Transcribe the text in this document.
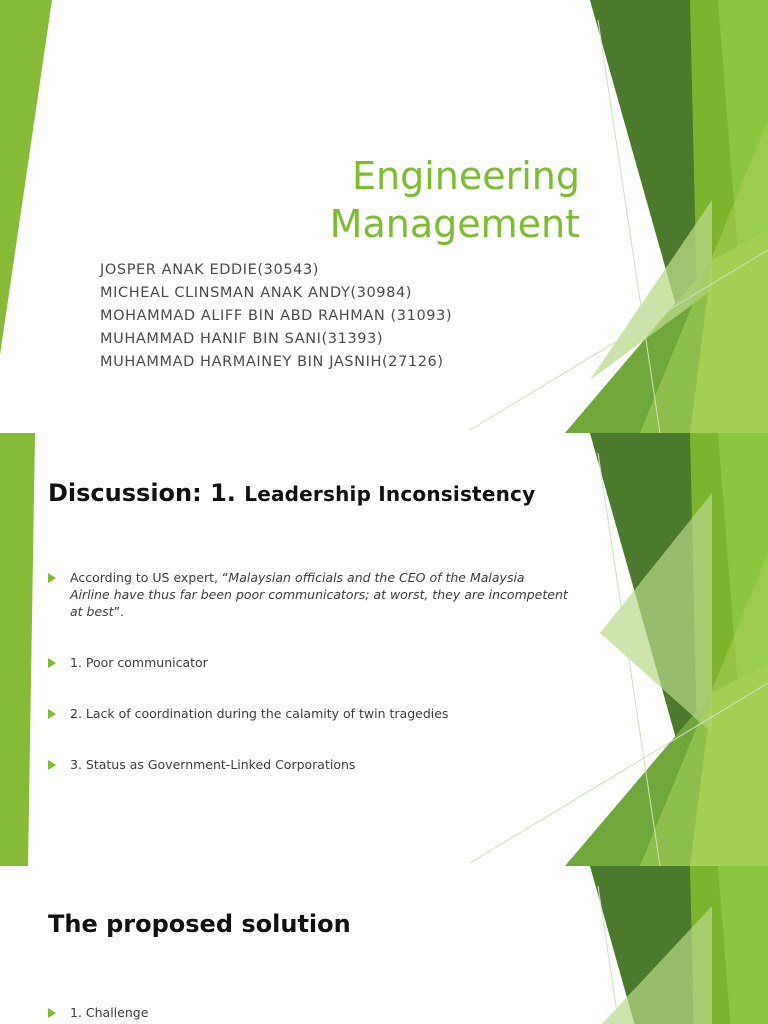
Engineering
Management
JOSPER ANAK EDDIE(30543)
MICHEAL CLINSMAN ANAK ANDY(30984)
MOHAMMAD ALIFF BIN ABD RAHMAN (31093)
MUHAMMAD HANIF BIN SANI(31393)
MUHAMMAD HARMAINEY BIN JASNIH(27126)
Discussion: 1. Leadership Inconsistency
According to US expert, “Malaysian officials and the CEO of the Malaysia Airline have thus far been poor communicators; at worst, they are incompetent at best”.
1. Poor communicator
2. Lack of coordination during the calamity of twin tragedies
3. Status as Government-Linked Corporations
The proposed solution
1. Challenge
